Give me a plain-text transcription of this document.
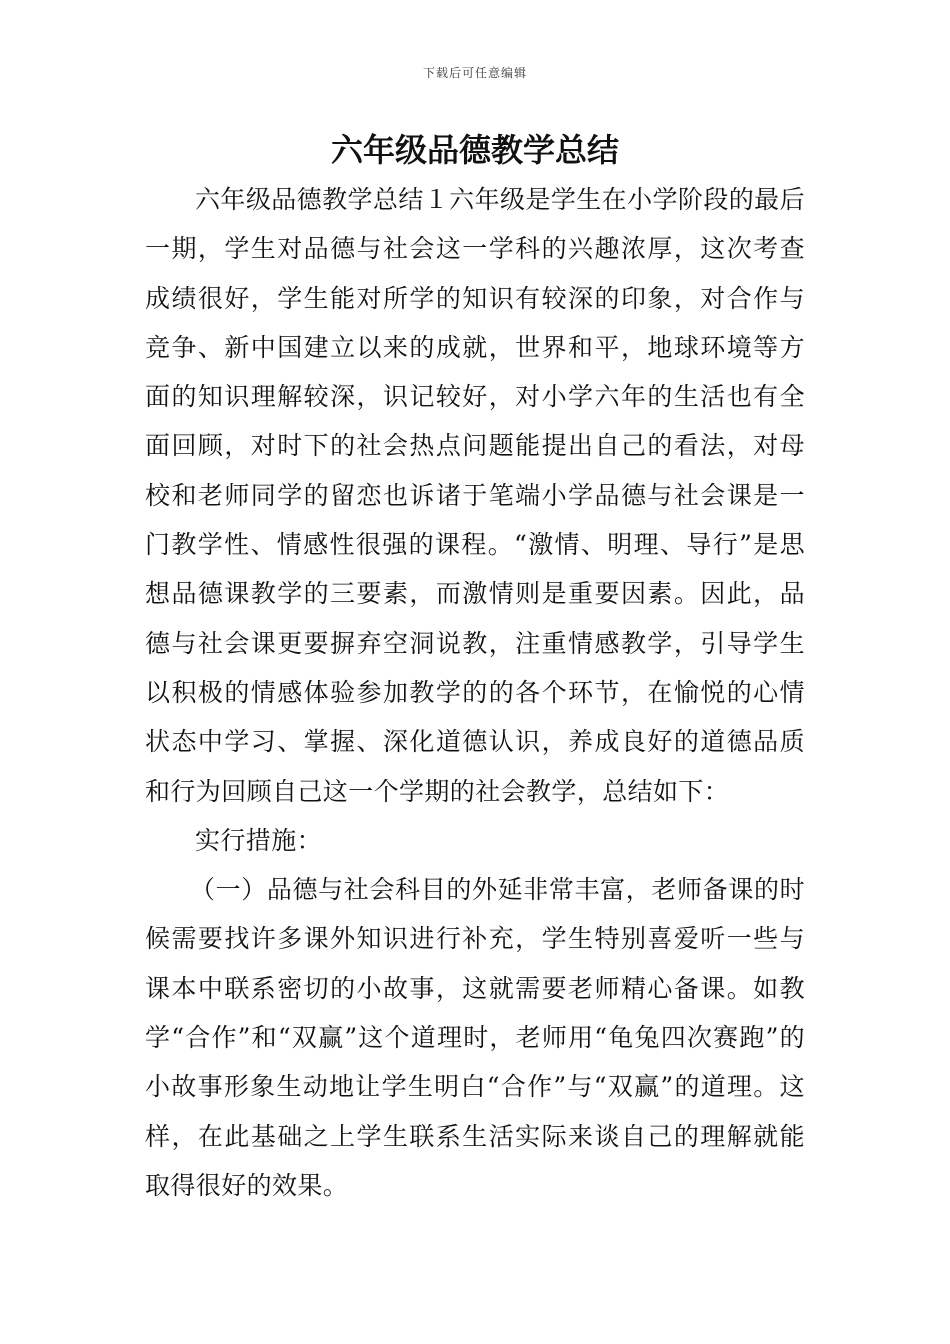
下载后可任意编辑
六年级品德教学总结

六年级品德教学总结１六年级是学生在小学阶段的最后一期，学生对品德与社会这一学科的兴趣浓厚，这次考查成绩很好，学生能对所学的知识有较深的印象，对合作与竞争、新中国建立以来的成就，世界和平，地球环境等方面的知识理解较深，识记较好，对小学六年的生活也有全面回顾，对时下的社会热点问题能提出自己的看法，对母校和老师同学的留恋也诉诸于笔端小学品德与社会课是一门教学性、情感性很强的课程。“激情、明理、导行”是思想品德课教学的三要素，而激情则是重要因素。因此，品德与社会课更要摒弃空洞说教，注重情感教学，引导学生以积极的情感体验参加教学的的各个环节，在愉悦的心情状态中学习、掌握、深化道德认识，养成良好的道德品质和行为回顾自己这一个学期的社会教学，总结如下：

实行措施：

（一）品德与社会科目的外延非常丰富，老师备课的时候需要找许多课外知识进行补充，学生特别喜爱听一些与课本中联系密切的小故事，这就需要老师精心备课。如教学“合作”和“双赢”这个道理时，老师用“龟兔四次赛跑”的小故事形象生动地让学生明白“合作”与“双赢”的道理。这样，在此基础之上学生联系生活实际来谈自己的理解就能取得很好的效果。
